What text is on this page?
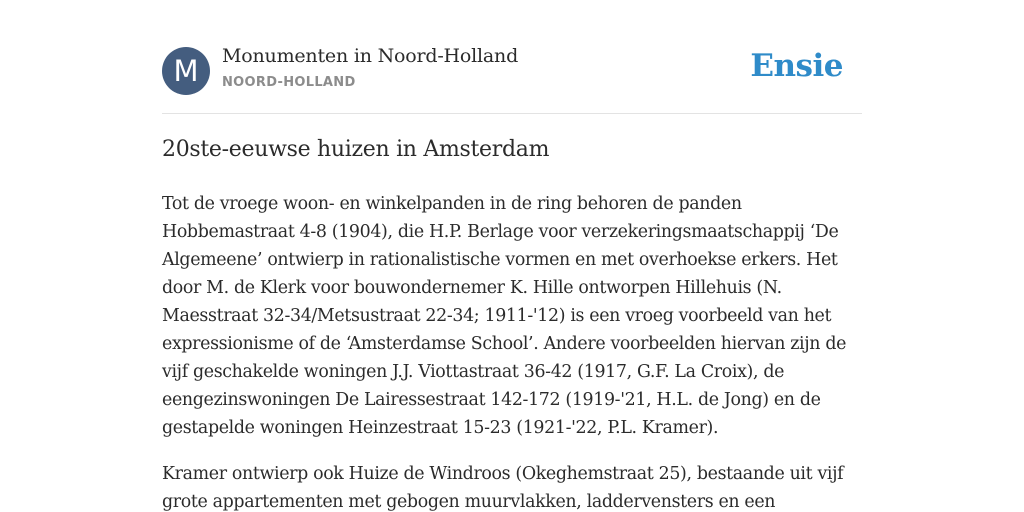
M	Monumenten in Noord-Holland
NOORD-HOLLAND	Ensie
20ste-eeuwse huizen in Amsterdam

Tot de vroege woon- en winkelpanden in de ring behoren de panden
Hobbemastraat 4-8 (1904), die H.P. Berlage voor verzekeringsmaatschappij ‘De
Algemeene’ ontwierp in rationalistische vormen en met overhoekse erkers. Het
door M. de Klerk voor bouwondernemer K. Hille ontworpen Hillehuis (N.
Maesstraat 32-34/Metsustraat 22-34; 1911-'12) is een vroeg voorbeeld van het
expressionisme of de ‘Amsterdamse School’. Andere voorbeelden hiervan zijn de
vijf geschakelde woningen J.J. Viottastraat 36-42 (1917, G.F. La Croix), de
eengezinswoningen De Lairessestraat 142-172 (1919-'21, H.L. de Jong) en de
gestapelde woningen Heinzestraat 15-23 (1921-'22, P.L. Kramer).

Kramer ontwierp ook Huize de Windroos (Okeghemstraat 25), bestaande uit vijf
grote appartementen met gebogen muurvlakken, laddervensters en een
